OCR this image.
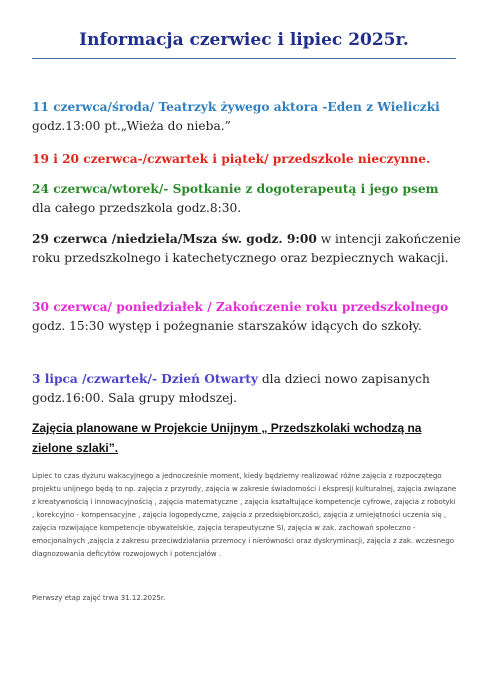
Informacja czerwiec i lipiec 2025r.
11 czerwca/środa/ Teatrzyk żywego aktora -Eden z Wieliczki
godz.13:00 pt.„Wieża do nieba.”
19 i 20 czerwca-/czwartek i piątek/ przedszkole nieczynne.
24 czerwca/wtorek/- Spotkanie z dogoterapeutą i jego psem
dla całego przedszkola godz.8:30.
29 czerwca /niedziela/Msza św. godz. 9:00 w intencji zakończenie roku przedszkolnego i katechetycznego oraz bezpiecznych wakacji.
30 czerwca/ poniedziałek / Zakończenie roku przedszkolnego godz. 15:30 występ i pożegnanie starszaków idących do szkoły.
3 lipca /czwartek/- Dzień Otwarty dla dzieci nowo zapisanych godz.16:00. Sala grupy młodszej.
Zajęcia planowane w Projekcie Unijnym „ Przedszkolaki wchodzą na zielone szlaki”.
Lipiec to czas dyżuru wakacyjnego a jednocześnie moment, kiedy będziemy realizować różne zajęcia z rozpoczętego projektu unijnego będą to np. zajęcia z przyrody, zajęcia w zakresie świadomości i ekspresji kulturalnej, zajęcia związane z kreatywnością i innowacyjnością , zajęcia matematyczne , zajęcia kształtujące kompetencje cyfrowe, zajęcia z robotyki , korekcyjno - kompensacyjne , zajęcia logopedyczne, zajęcia z przedsiębiorczości, zajęcia z umiejętności uczenia się , zajęcia rozwijające kompetencje obywatelskie, zajęcia terapeutyczne SI, zajęcia w zak. zachowań społeczno -emocjonalnych ,zajęcia z zakresu przeciwdziałania przemocy i nierówności oraz dyskryminacji, zajęcia z zak. wczesnego diagnozowania deficytów rozwojowych i potencjałów .
Pierwszy etap zajęć trwa 31.12.2025r.
